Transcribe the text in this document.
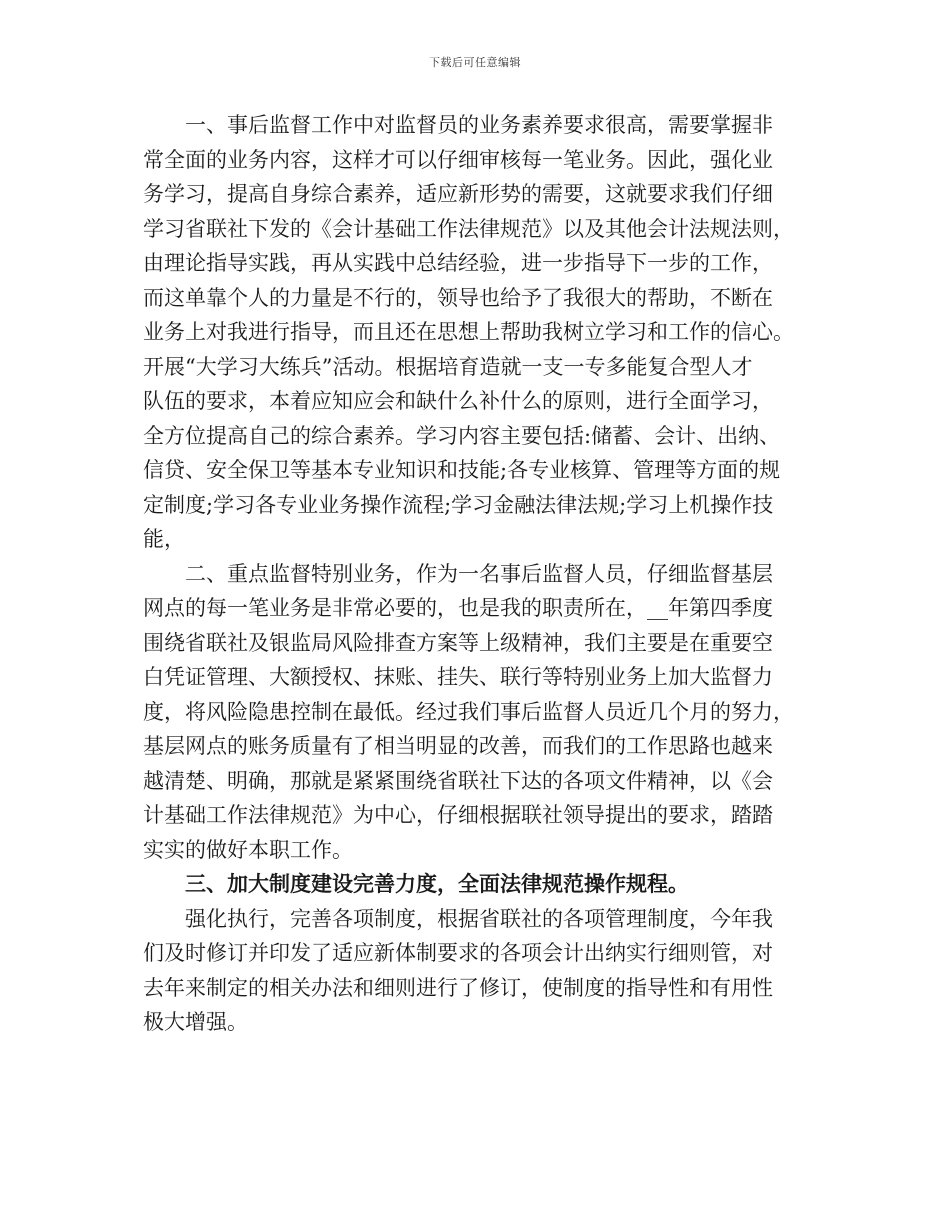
下载后可任意编辑
一、事后监督工作中对监督员的业务素养要求很高，需要掌握非
常全面的业务内容，这样才可以仔细审核每一笔业务。因此，强化业
务学习，提高自身综合素养，适应新形势的需要，这就要求我们仔细
学习省联社下发的《会计基础工作法律规范》以及其他会计法规法则，
由理论指导实践，再从实践中总结经验，进一步指导下一步的工作，
而这单靠个人的力量是不行的，领导也给予了我很大的帮助，不断在
业务上对我进行指导，而且还在思想上帮助我树立学习和工作的信心。
开展“大学习大练兵”活动。根据培育造就一支一专多能复合型人才
队伍的要求，本着应知应会和缺什么补什么的原则，进行全面学习，
全方位提高自己的综合素养。学习内容主要包括:储蓄、会计、出纳、
信贷、安全保卫等基本专业知识和技能;各专业核算、管理等方面的规
定制度;学习各专业业务操作流程;学习金融法律法规;学习上机操作技
能，
二、重点监督特别业务，作为一名事后监督人员，仔细监督基层
网点的每一笔业务是非常必要的，也是我的职责所在，__年第四季度
围绕省联社及银监局风险排查方案等上级精神，我们主要是在重要空
白凭证管理、大额授权、抹账、挂失、联行等特别业务上加大监督力
度，将风险隐患控制在最低。经过我们事后监督人员近几个月的努力，
基层网点的账务质量有了相当明显的改善，而我们的工作思路也越来
越清楚、明确，那就是紧紧围绕省联社下达的各项文件精神，以《会
计基础工作法律规范》为中心，仔细根据联社领导提出的要求，踏踏
实实的做好本职工作。
三、加大制度建设完善力度，全面法律规范操作规程。
强化执行，完善各项制度，根据省联社的各项管理制度，今年我
们及时修订并印发了适应新体制要求的各项会计出纳实行细则管，对
去年来制定的相关办法和细则进行了修订，使制度的指导性和有用性
极大增强。
